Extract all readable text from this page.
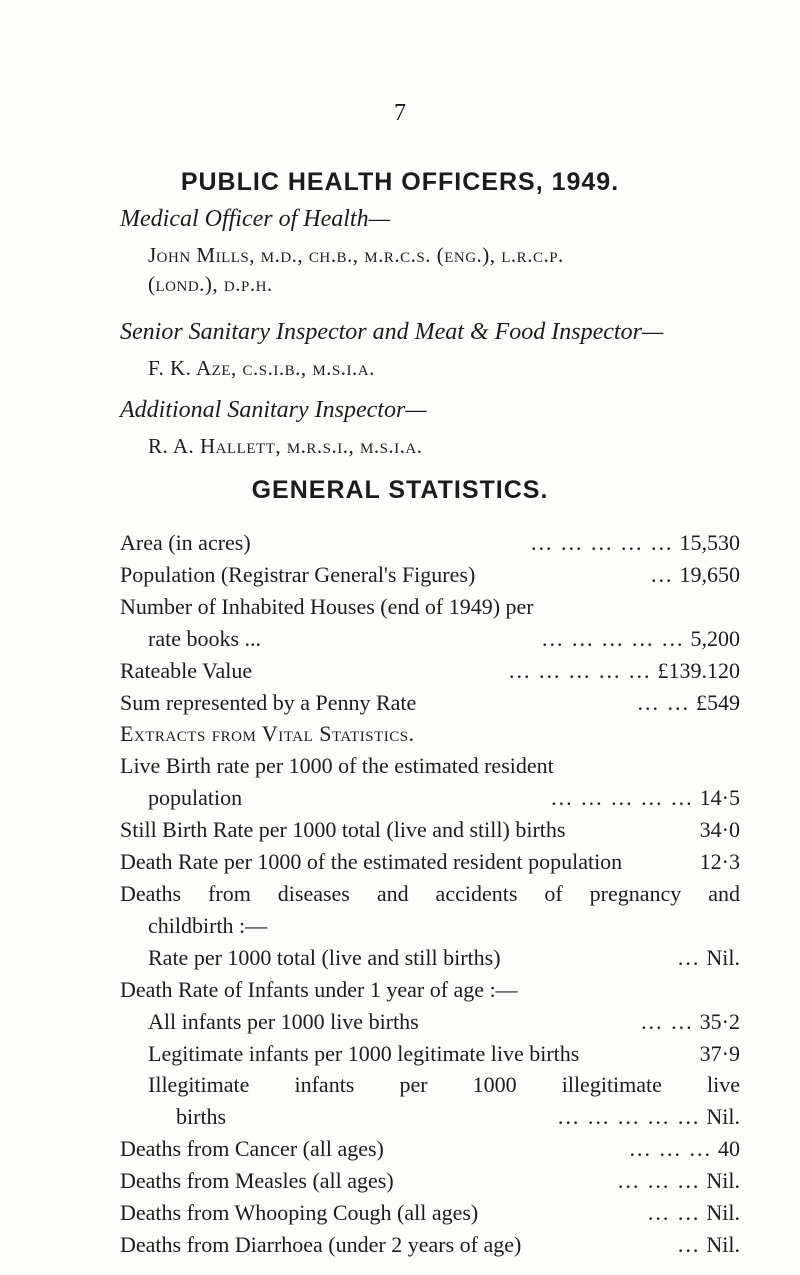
7
PUBLIC HEALTH OFFICERS, 1949.
Medical Officer of Health—
John Mills, m.d., ch.b., m.r.c.s. (eng.), l.r.c.p.
(lond.), d.p.h.
Senior Sanitary Inspector and Meat & Food Inspector—
F. K. Aze, c.s.i.b., m.s.i.a.
Additional Sanitary Inspector—
R. A. Hallett, m.r.s.i., m.s.i.a.
GENERAL STATISTICS.
Area (in acres)	... ... ... ... ... 15,530
Population (Registrar General's Figures)	... 19,650
Number of Inhabited Houses (end of 1949) per
rate books ...	... ... ... ... ... 5,200
Rateable Value	... ... ... ... ... £139.120
Sum represented by a Penny Rate	... ... £549
Extracts from Vital Statistics.
Live Birth rate per 1000 of the estimated resident
population	... ... ... ... ... 14·5
Still Birth Rate per 1000 total (live and still) births	34·0
Death Rate per 1000 of the estimated resident population	12·3
Deaths from diseases and accidents of pregnancy and
childbirth :—
Rate per 1000 total (live and still births)	... Nil.
Death Rate of Infants under 1 year of age :—
All infants per 1000 live births	... ... 35·2
Legitimate infants per 1000 legitimate live births	37·9
Illegitimate infants per 1000 illegitimate live
births	... ... ... ... ... Nil.
Deaths from Cancer (all ages)	... ... ... 40
Deaths from Measles (all ages)	... ... ... Nil.
Deaths from Whooping Cough (all ages)	... ... Nil.
Deaths from Diarrhoea (under 2 years of age)	... Nil.
